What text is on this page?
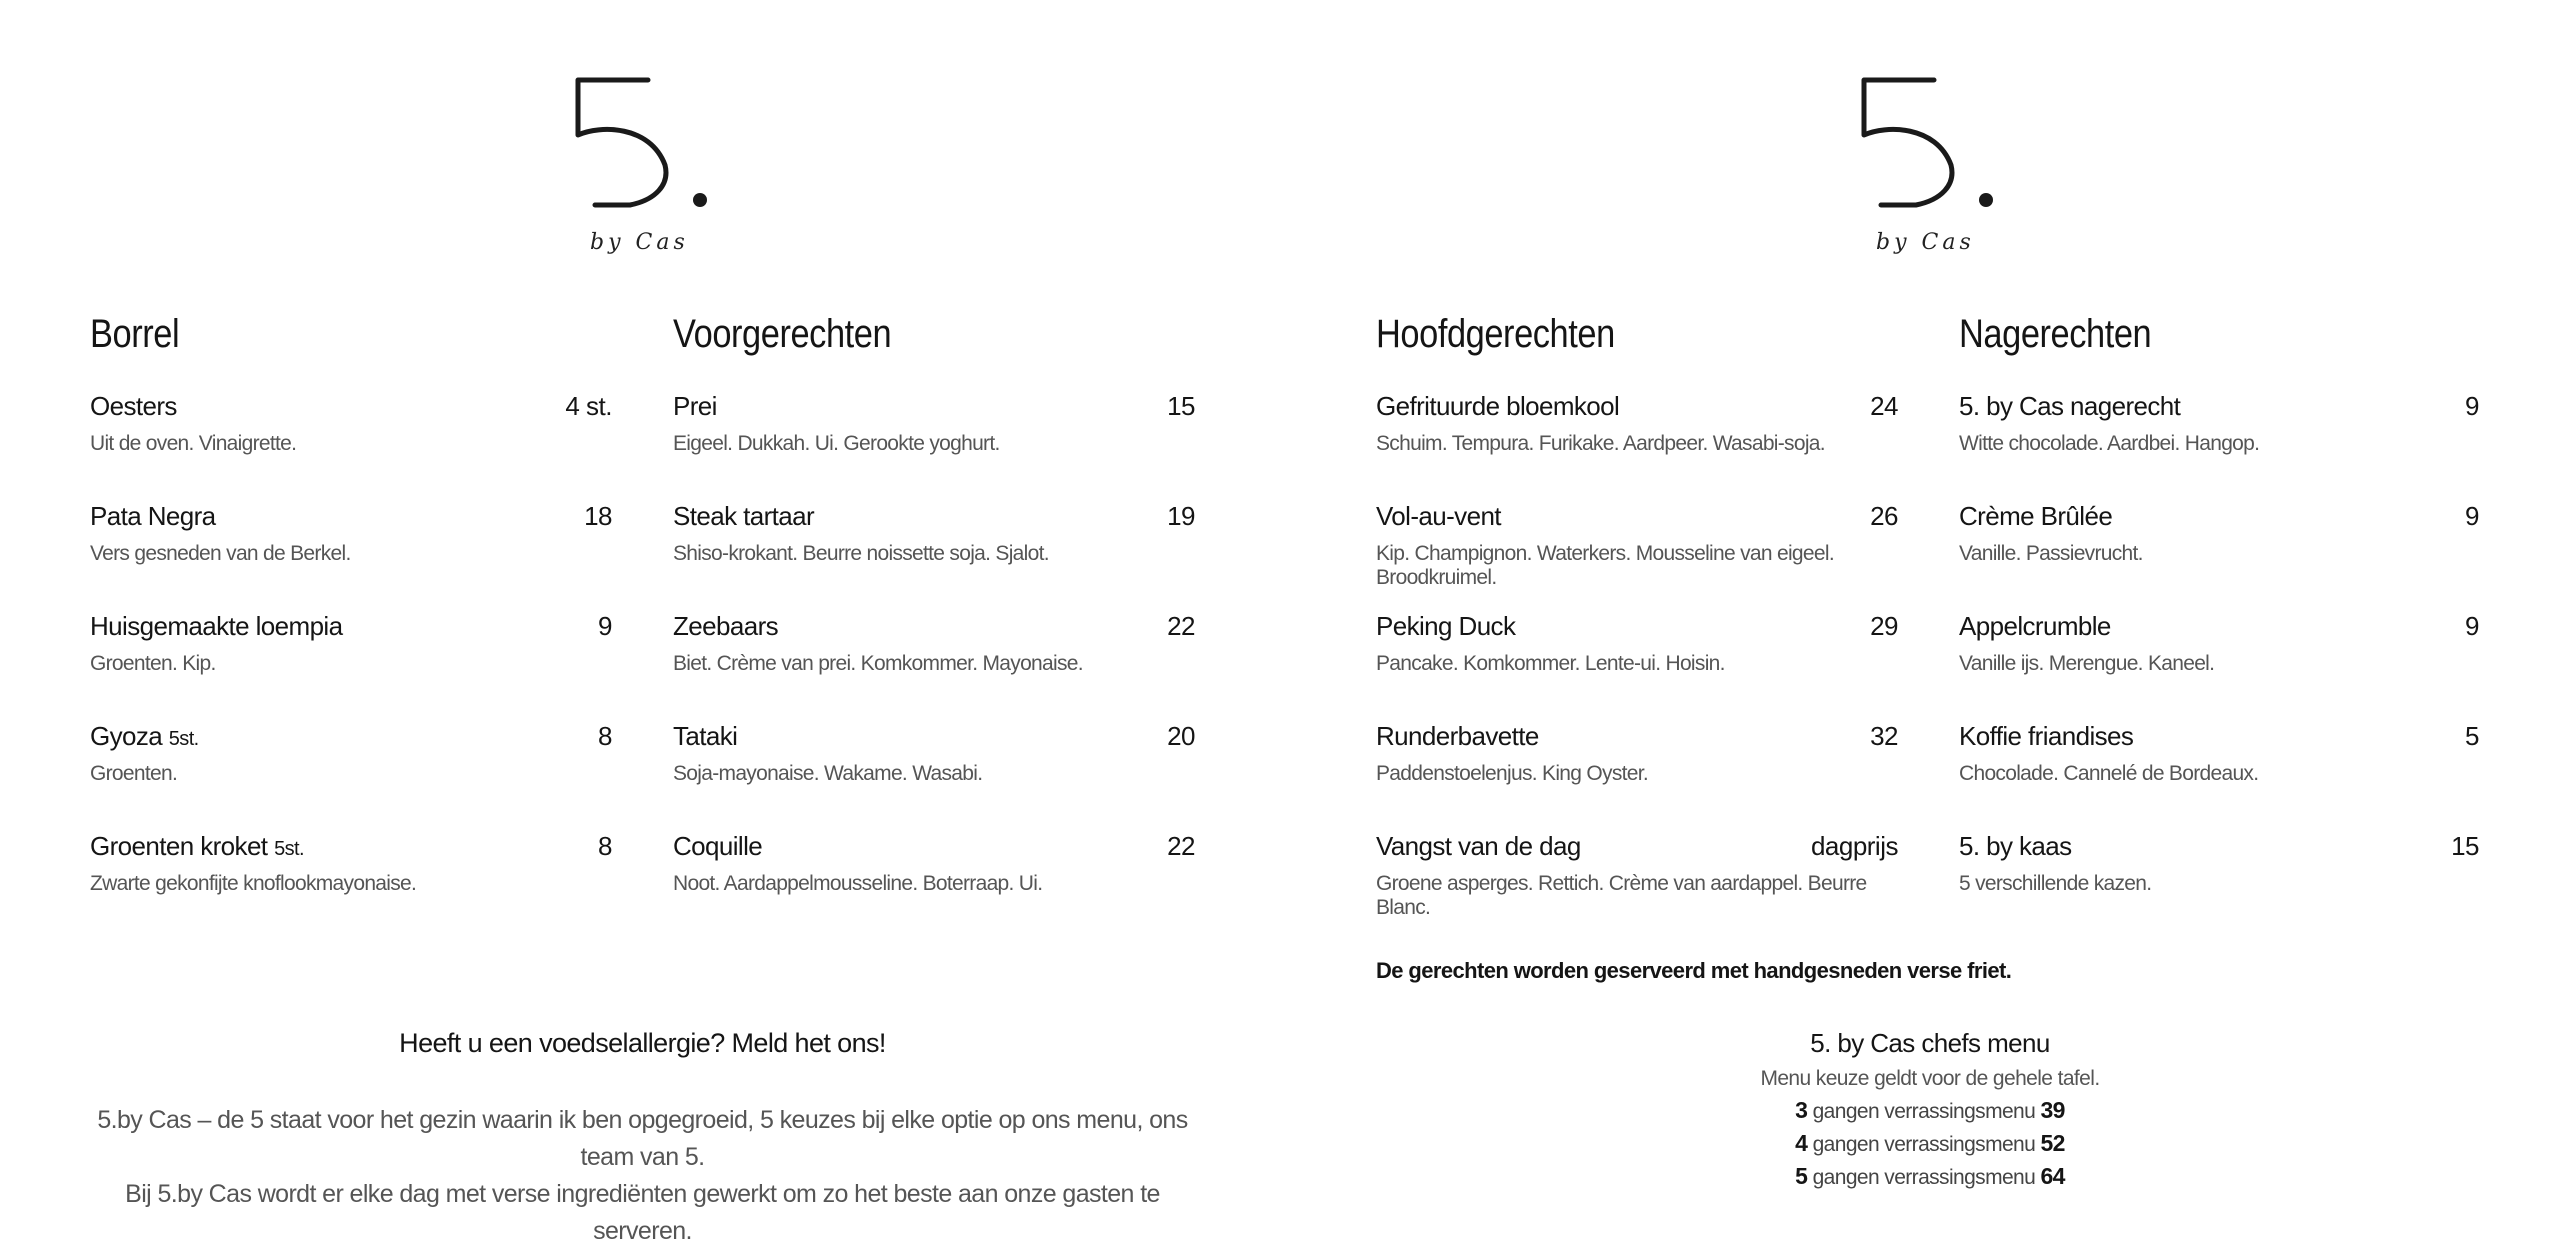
by Cas	by Cas
Borrel
Oesters	4 st.
Uit de oven. Vinaigrette.
Pata Negra	18
Vers gesneden van de Berkel.
Huisgemaakte loempia	9
Groenten. Kip.
Gyoza 5st.	8
Groenten.
Groenten kroket 5st.	8
Zwarte gekonfijte knoflookmayonaise.
Voorgerechten
Prei	15
Eigeel. Dukkah. Ui. Gerookte yoghurt.
Steak tartaar	19
Shiso-krokant. Beurre noissette soja. Sjalot.
Zeebaars	22
Biet. Crème van prei. Komkommer. Mayonaise.
Tataki	20
Soja-mayonaise. Wakame. Wasabi.
Coquille	22
Noot. Aardappelmousseline. Boterraap. Ui.
Hoofdgerechten
Gefrituurde bloemkool	24
Schuim. Tempura. Furikake. Aardpeer. Wasabi-soja.
Vol-au-vent	26
Kip. Champignon. Waterkers. Mousseline van eigeel. Broodkruimel.
Peking Duck	29
Pancake. Komkommer. Lente-ui. Hoisin.
Runderbavette	32
Paddenstoelenjus. King Oyster.
Vangst van de dag	dagprijs
Groene asperges. Rettich. Crème van aardappel. Beurre Blanc.
Nagerechten
5. by Cas nagerecht	9
Witte chocolade. Aardbei. Hangop.
Crème Brûlée	9
Vanille. Passievrucht.
Appelcrumble	9
Vanille ijs. Merengue. Kaneel.
Koffie friandises	5
Chocolade. Cannelé de Bordeaux.
5. by kaas	15
5 verschillende kazen.
De gerechten worden geserveerd met handgesneden verse friet.
Heeft u een voedselallergie? Meld het ons!
5.by Cas – de 5 staat voor het gezin waarin ik ben opgegroeid, 5 keuzes bij elke optie op ons menu, ons team van 5.
Bij 5.by Cas wordt er elke dag met verse ingrediënten gewerkt om zo het beste aan onze gasten te serveren.
5. by Cas chefs menu
Menu keuze geldt voor de gehele tafel.
3 gangen verrassingsmenu 39
4 gangen verrassingsmenu 52
5 gangen verrassingsmenu 64
